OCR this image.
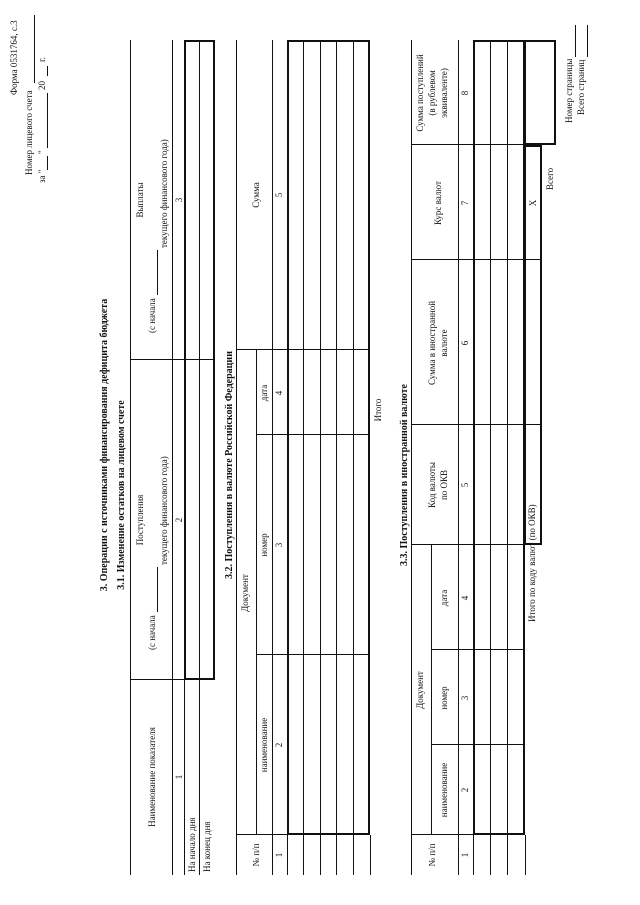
Форма 0531764, с.3
Номер лицевого счета
за "
"
20
г.
3. Операции с источниками финансирования дефицита бюджета 3.1. Изменение остатков на лицевом счете
Наименование показателя
Поступления
(с начала
текущего финансового года)
Выплаты
(с начала
текущего финансового года)
1
2
3
На начало дня На конец дня
3.2. Поступления в валюте Российской Федерации
№ п/п
Документ
наименование
номер
дата
Сумма
1
2
3
4
5
Итого 3.3. Поступления в иностранной валюте
№ п/п
Документ
наименование
номер
дата
Код валюты по ОКВ
Сумма в иностранной валюте
Курс валют
Сумма поступлений (в рублевом эквиваленте)
1
2
3
4
5
6
7
8
Итого по коду валют (по ОКВ)
X
Всего
Номер страницы Всего страниц
